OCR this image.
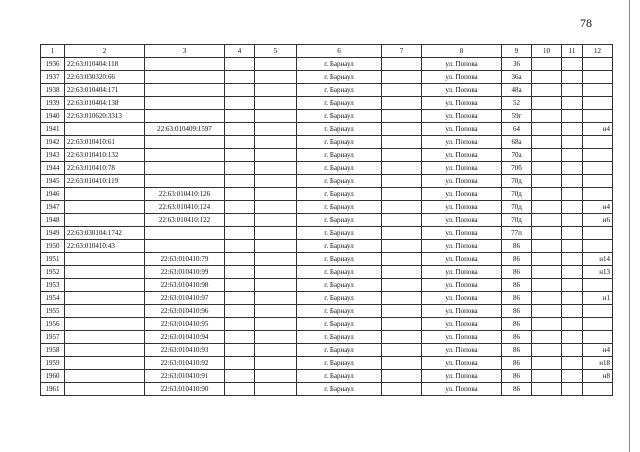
78
1	2	3	4	5	6	7	8	9	10	11	12
1936	22:63:010404:118				г. Барнаул		ул. Попова	36			
1937	22:63:030320:66				г. Барнаул		ул. Попова	36а			
1938	22:63:010404:171				г. Барнаул		ул. Попова	48а			
1939	22:63:010404:138				г. Барнаул		ул. Попова	52			
1940	22:63:010620:3313				г. Барнаул		ул. Попова	59г			
1941		22:63:010409:1597			г. Барнаул		ул. Попова	64			н4
1942	22:63:010410:61				г. Барнаул		ул. Попова	68а			
1943	22:63:010410:132				г. Барнаул		ул. Попова	70а			
1944	22:63:010410:78				г. Барнаул		ул. Попова	70б			
1945	22:63:010410:119				г. Барнаул		ул. Попова	70д			
1946		22:63:010410:126			г. Барнаул		ул. Попова	70д			
1947		22:63:010410:124			г. Барнаул		ул. Попова	70д			н4
1948		22:63:010410:122			г. Барнаул		ул. Попова	70д			н6
1949	22:63:030104:1742				г. Барнаул		ул. Попова	77п			
1950	22:63:010410:43				г. Барнаул		ул. Попова	86			
1951		22:63:010410:79			г. Барнаул		ул. Попова	86			н14
1952		22:63:010410:99			г. Барнаул		ул. Попова	86			н13
1953		22:63:010410:98			г. Барнаул		ул. Попова	86			
1954		22:63:010410:97			г. Барнаул		ул. Попова	86			н1
1955		22:63:010410:96			г. Барнаул		ул. Попова	86			
1956		22:63:010410:95			г. Барнаул		ул. Попова	86			
1957		22:63:010410:94			г. Барнаул		ул. Попова	86			
1958		22:63:010410:93			г. Барнаул		ул. Попова	86			н4
1959		22:63:010410:92			г. Барнаул		ул. Попова	86			н18
1960		22:63:010410:91			г. Барнаул		ул. Попова	86			н8
1961		22:63:010410:90			г. Барнаул		ул. Попова	86			
